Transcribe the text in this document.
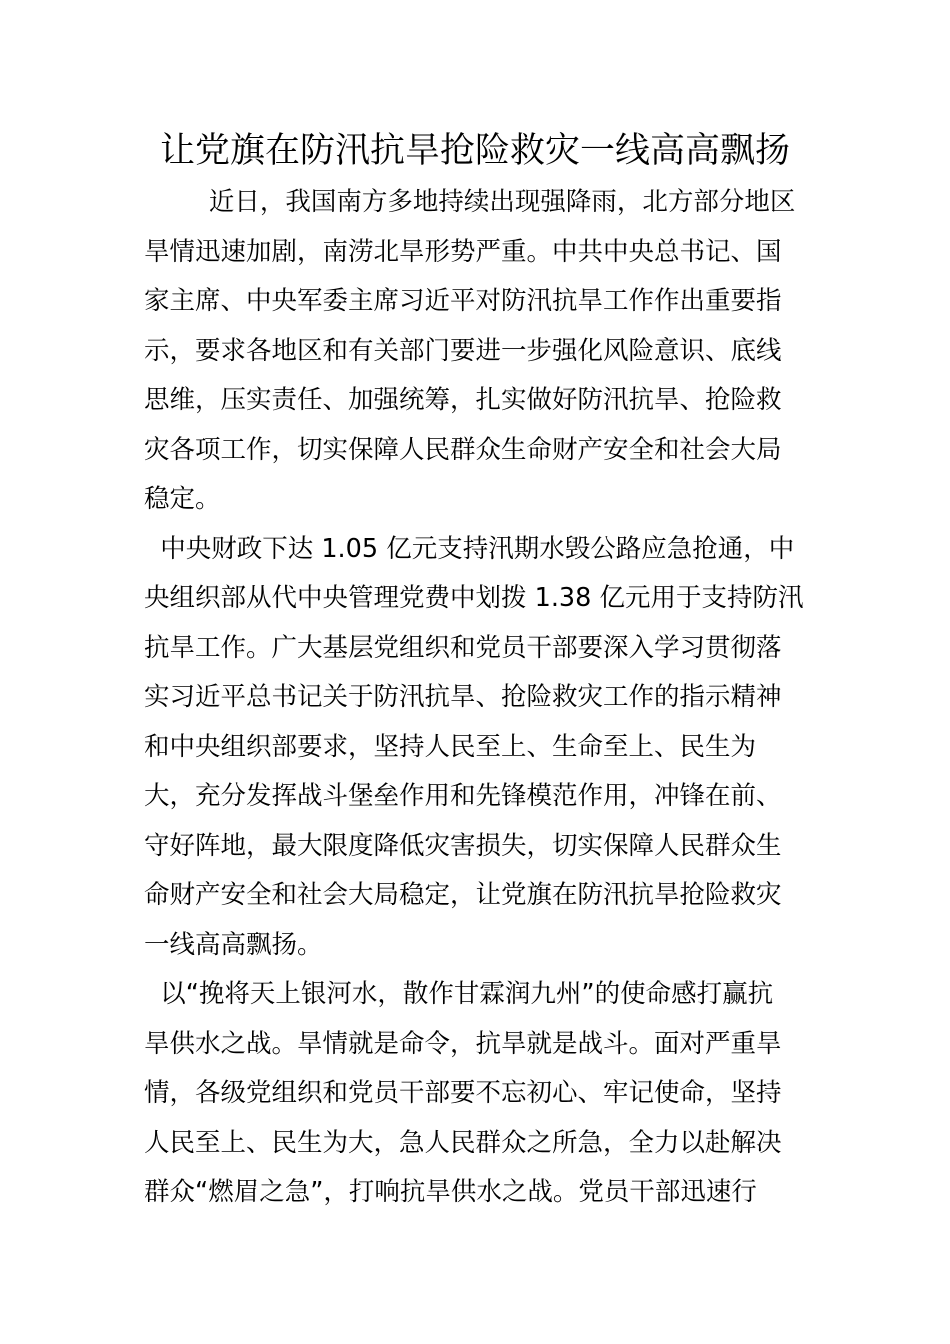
让党旗在防汛抗旱抢险救灾一线高高飘扬
近日，我国南方多地持续出现强降雨，北方部分地区
旱情迅速加剧，南涝北旱形势严重。中共中央总书记、国
家主席、中央军委主席习近平对防汛抗旱工作作出重要指
示，要求各地区和有关部门要进一步强化风险意识、底线
思维，压实责任、加强统筹，扎实做好防汛抗旱、抢险救
灾各项工作，切实保障人民群众生命财产安全和社会大局
稳定。
中央财政下达 1.05 亿元支持汛期水毁公路应急抢通，中
央组织部从代中央管理党费中划拨 1.38 亿元用于支持防汛
抗旱工作。广大基层党组织和党员干部要深入学习贯彻落
实习近平总书记关于防汛抗旱、抢险救灾工作的指示精神
和中央组织部要求，坚持人民至上、生命至上、民生为
大，充分发挥战斗堡垒作用和先锋模范作用，冲锋在前、
守好阵地，最大限度降低灾害损失，切实保障人民群众生
命财产安全和社会大局稳定，让党旗在防汛抗旱抢险救灾
一线高高飘扬。
以“挽将天上银河水，散作甘霖润九州”的使命感打赢抗
旱供水之战。旱情就是命令，抗旱就是战斗。面对严重旱
情，各级党组织和党员干部要不忘初心、牢记使命，坚持
人民至上、民生为大，急人民群众之所急，全力以赴解决
群众“燃眉之急”，打响抗旱供水之战。党员干部迅速行
